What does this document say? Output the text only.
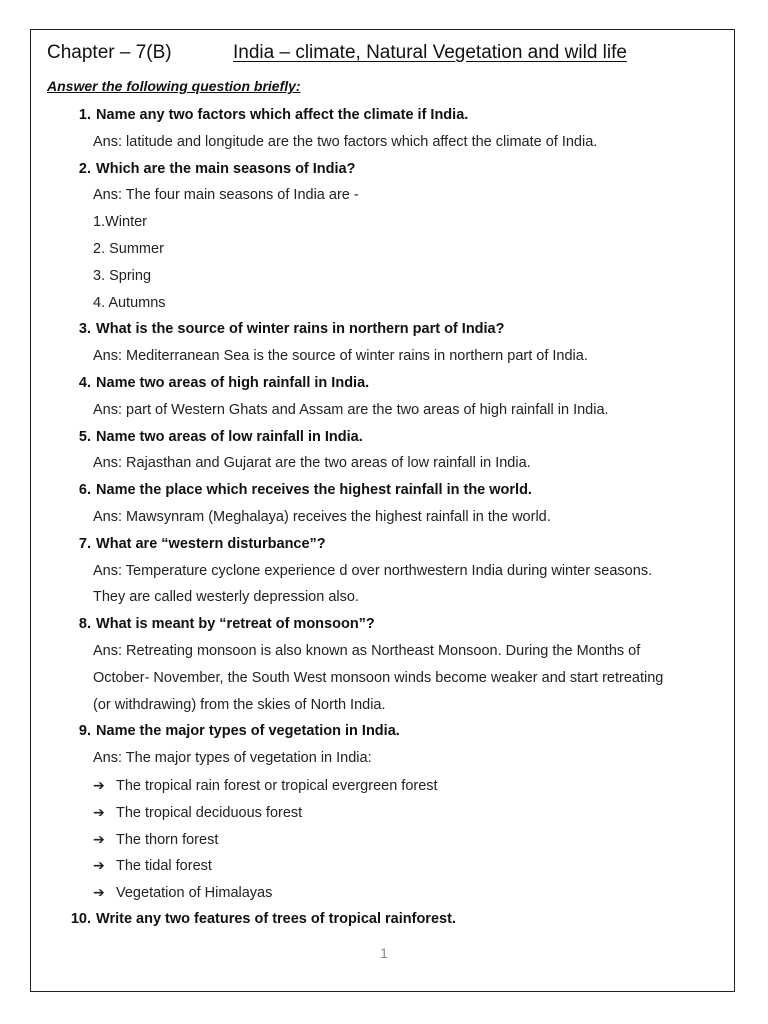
Chapter – 7(B)	India – climate, Natural Vegetation and wild life
Answer the following question briefly:
1. Name any two factors which affect the climate if India.
Ans: latitude and longitude are the two factors which affect the climate of India.
2. Which are the main seasons of India?
Ans: The four main seasons of India are -
1.Winter
2. Summer
3. Spring
4. Autumns
3. What is the source of winter rains in northern part of India?
Ans: Mediterranean Sea is the source of winter rains in northern part of India.
4. Name two areas of high rainfall in India.
Ans: part of Western Ghats and Assam are the two areas of high rainfall in India.
5. Name two areas of low rainfall in India.
Ans: Rajasthan and Gujarat are the two areas of low rainfall in India.
6. Name the place which receives the highest rainfall in the world.
Ans: Mawsynram (Meghalaya) receives the highest rainfall in the world.
7. What are “western disturbance”?
Ans: Temperature cyclone experience d over northwestern India during winter seasons.
They are called westerly depression also.
8. What is meant by “retreat of monsoon”?
Ans: Retreating monsoon is also known as Northeast Monsoon. During the Months of
October- November, the South West monsoon winds become weaker and start retreating
(or withdrawing) from the skies of North India.
9. Name the major types of vegetation in India.
Ans: The major types of vegetation in India:
➔ The tropical rain forest or tropical evergreen forest
➔ The tropical deciduous forest
➔ The thorn forest
➔ The tidal forest
➔ Vegetation of Himalayas
10. Write any two features of trees of tropical rainforest.
1
